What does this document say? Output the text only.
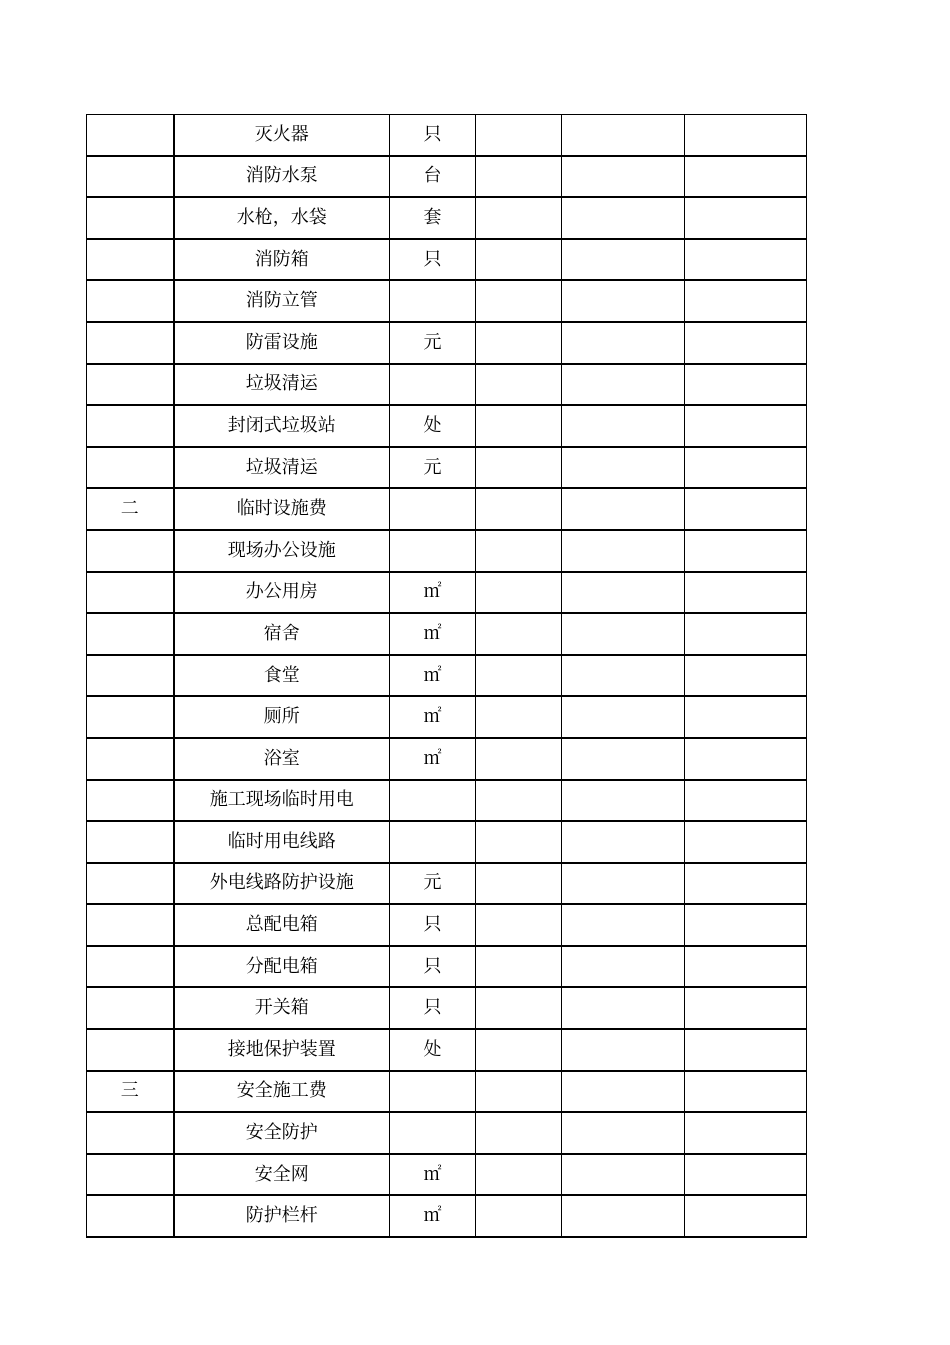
	灭火器	只			
	消防水泵	台			
	水枪，水袋	套			
	消防箱	只			
	消防立管				
	防雷设施	元			
	垃圾清运				
	封闭式垃圾站	处			
	垃圾清运	元			
二	临时设施费				
	现场办公设施				
	办公用房	㎡			
	宿舍	㎡			
	食堂	㎡			
	厕所	㎡			
	浴室	㎡			
	施工现场临时用电				
	临时用电线路				
	外电线路防护设施	元			
	总配电箱	只			
	分配电箱	只			
	开关箱	只			
	接地保护装置	处			
三	安全施工费				
	安全防护				
	安全网	㎡			
	防护栏杆	㎡			
